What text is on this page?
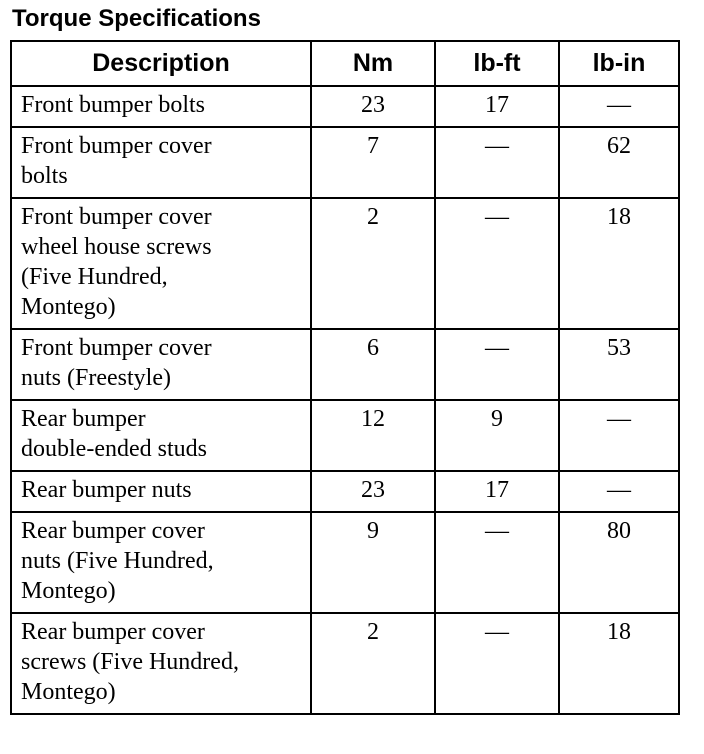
Torque Specifications
Description	Nm	lb-ft	lb-in

Front bumper bolts	23	17	—

Front bumper cover
bolts	7	—	62

Front bumper cover
wheel house screws
(Five Hundred,
Montego)	2	—	18

Front bumper cover
nuts (Freestyle)	6	—	53

Rear bumper
double-ended studs	12	9	—

Rear bumper nuts	23	17	—

Rear bumper cover
nuts (Five Hundred,
Montego)	9	—	80

Rear bumper cover
screws (Five Hundred,
Montego)	2	—	18
